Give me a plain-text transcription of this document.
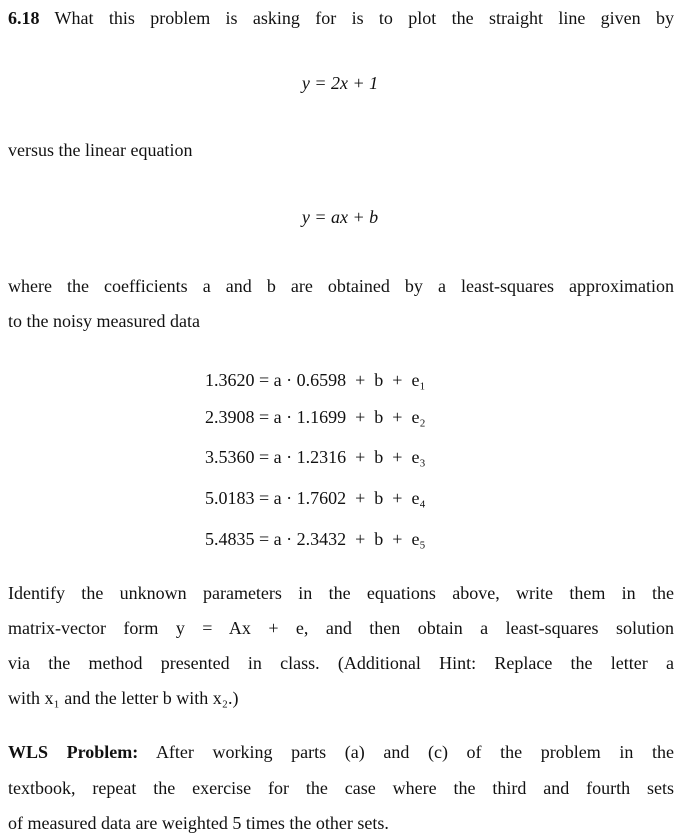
6.18 What this problem is asking for is to plot the straight line given by
y = 2x + 1
versus the linear equation
y = ax + b
where the coefficients a and b are obtained by a least-squares approximation
to the noisy measured data
1.3620 = a · 0.6598  +  b  +  e₁
2.3908 = a · 1.1699  +  b  +  e₂
3.5360 = a · 1.2316  +  b  +  e₃
5.0183 = a · 1.7602  +  b  +  e₄
5.4835 = a · 2.3432  +  b  +  e₅
Identify the unknown parameters in the equations above, write them in the
matrix-vector form y = Ax + e, and then obtain a least-squares solution
via the method presented in class. (Additional Hint: Replace the letter a
with x₁ and the letter b with x₂.)
WLS Problem: After working parts (a) and (c) of the problem in the
textbook, repeat the exercise for the case where the third and fourth sets
of measured data are weighted 5 times the other sets.
